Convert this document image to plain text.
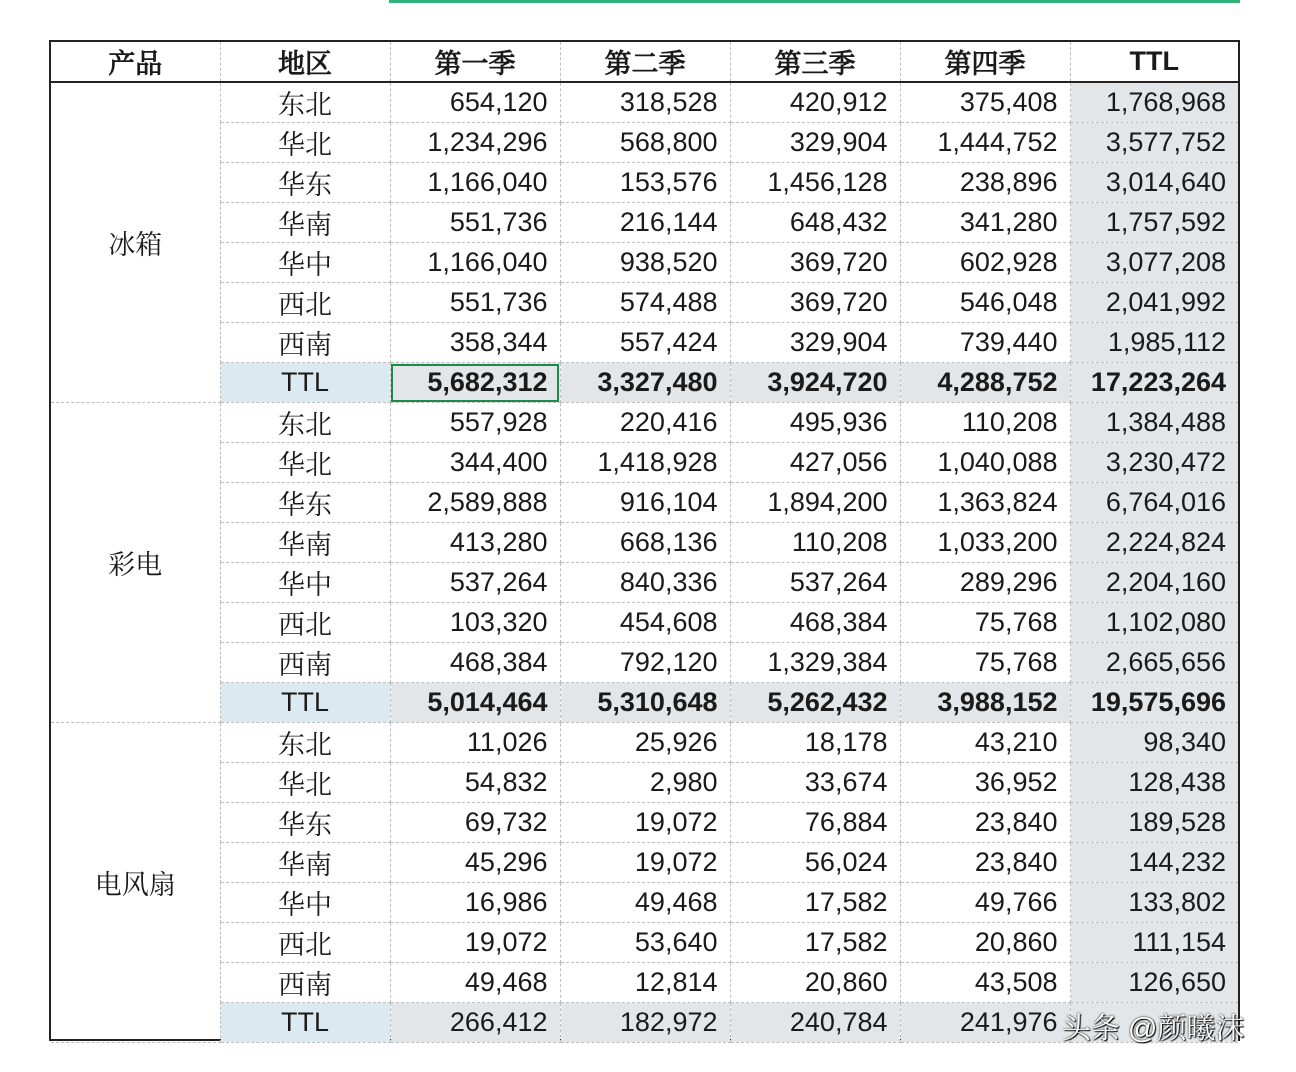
产品	地区	第一季	第二季	第三季	第四季	TTL
冰箱	东北	654,120	318,528	420,912	375,408	1,768,968
	华北	1,234,296	568,800	329,904	1,444,752	3,577,752
	华东	1,166,040	153,576	1,456,128	238,896	3,014,640
	华南	551,736	216,144	648,432	341,280	1,757,592
	华中	1,166,040	938,520	369,720	602,928	3,077,208
	西北	551,736	574,488	369,720	546,048	2,041,992
	西南	358,344	557,424	329,904	739,440	1,985,112
	TTL	5,682,312	3,327,480	3,924,720	4,288,752	17,223,264
彩电	东北	557,928	220,416	495,936	110,208	1,384,488
	华北	344,400	1,418,928	427,056	1,040,088	3,230,472
	华东	2,589,888	916,104	1,894,200	1,363,824	6,764,016
	华南	413,280	668,136	110,208	1,033,200	2,224,824
	华中	537,264	840,336	537,264	289,296	2,204,160
	西北	103,320	454,608	468,384	75,768	1,102,080
	西南	468,384	792,120	1,329,384	75,768	2,665,656
	TTL	5,014,464	5,310,648	5,262,432	3,988,152	19,575,696
电风扇	东北	11,026	25,926	18,178	43,210	98,340
	华北	54,832	2,980	33,674	36,952	128,438
	华东	69,732	19,072	76,884	23,840	189,528
	华南	45,296	19,072	56,024	23,840	144,232
	华中	16,986	49,468	17,582	49,766	133,802
	西北	19,072	53,640	17,582	20,860	111,154
	西南	49,468	12,814	20,860	43,508	126,650
	TTL	266,412	182,972	240,784	241,976	头条 @颜曦沫
